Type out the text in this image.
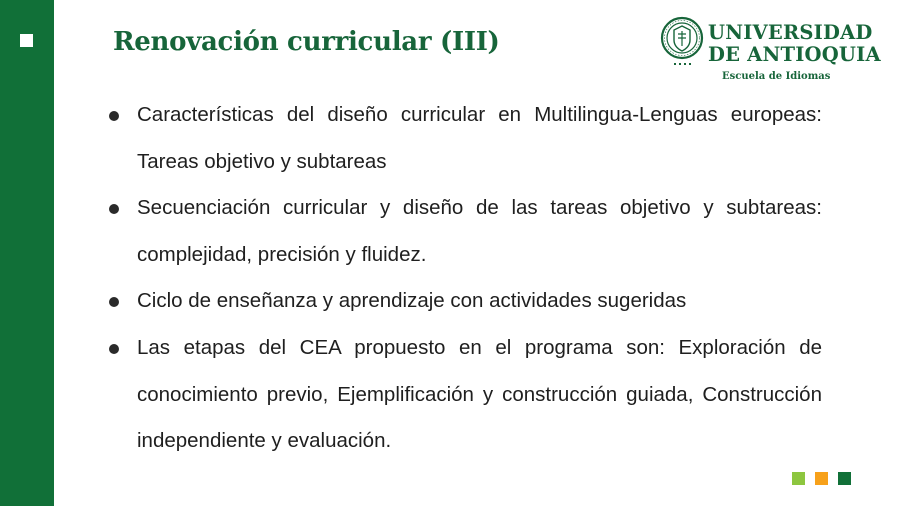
Renovación curricular (III)	UNIVERSIDAD
DE ANTIOQUIA
Escuela de Idiomas
Características del diseño curricular en Multilingua-Lenguas europeas: Tareas objetivo y subtareas
Secuenciación curricular y diseño de las tareas objetivo y subtareas: complejidad, precisión y fluidez.
Ciclo de enseñanza y aprendizaje con actividades sugeridas
Las etapas del CEA propuesto en el programa son: Exploración de conocimiento previo, Ejemplificación y construcción guiada, Construcción independiente y evaluación.
